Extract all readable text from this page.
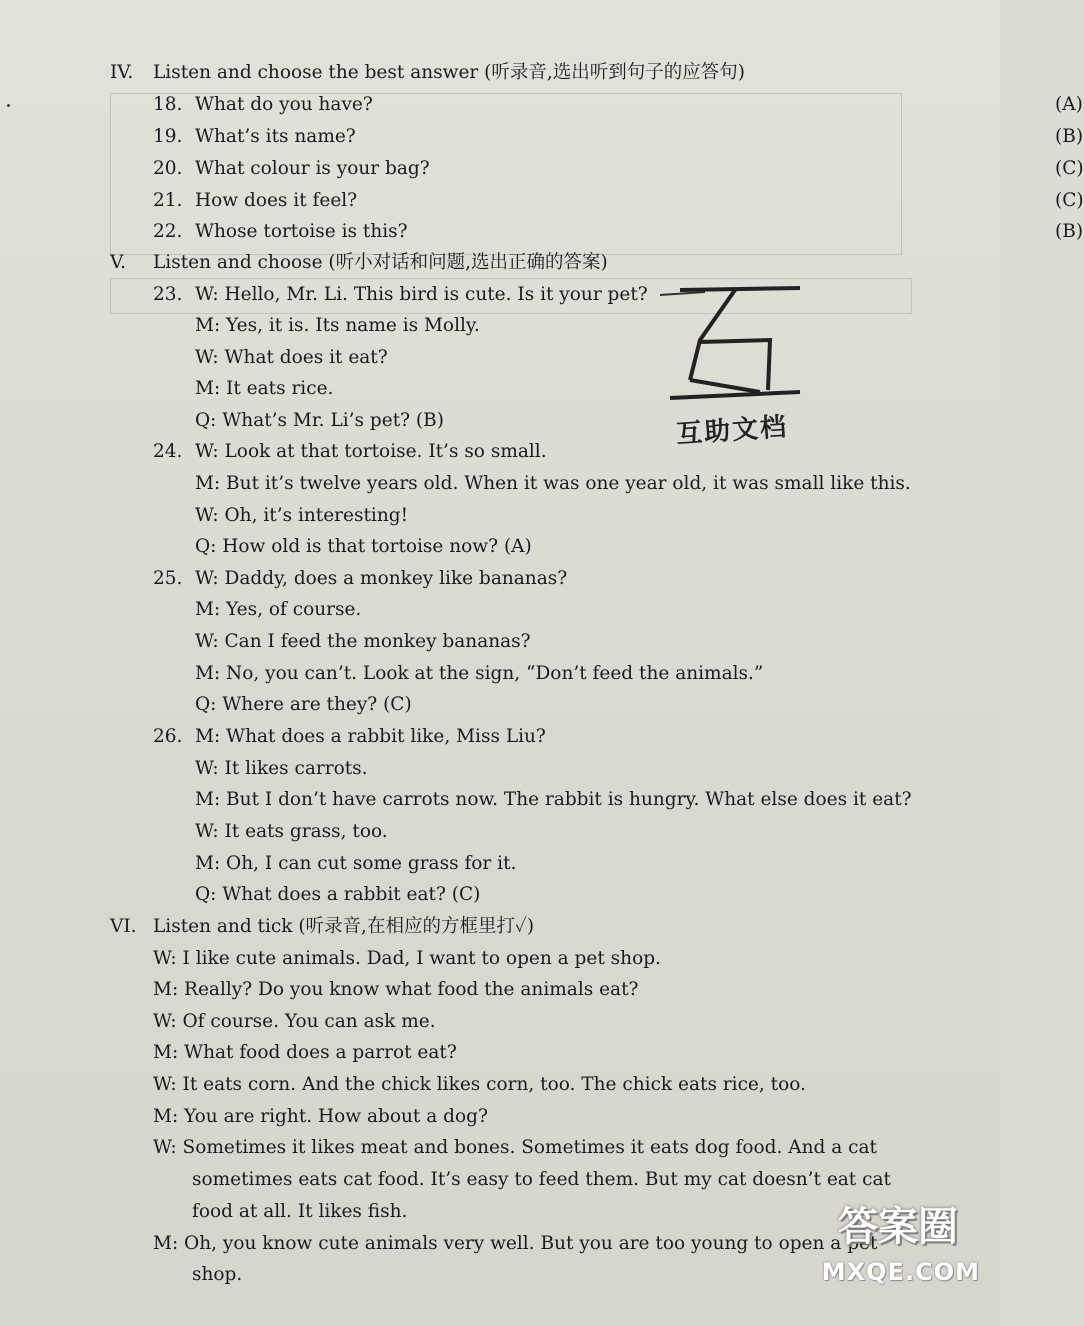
IV. Listen and choose the best answer (听录音,选出听到句子的应答句)
18. What do you have?	(A)
19. What’s its name?	(B)
20. What colour is your bag?	(C)
21. How does it feel?	(C)
22. Whose tortoise is this?	(B)
V. Listen and choose (听小对话和问题,选出正确的答案)
23. W: Hello, Mr. Li. This bird is cute. Is it your pet?
M: Yes, it is. Its name is Molly.
W: What does it eat?
M: It eats rice.
Q: What’s Mr. Li’s pet? (B)
24. W: Look at that tortoise. It’s so small.
M: But it’s twelve years old. When it was one year old, it was small like this.
W: Oh, it’s interesting!
Q: How old is that tortoise now? (A)
25. W: Daddy, does a monkey like bananas?
M: Yes, of course.
W: Can I feed the monkey bananas?
M: No, you can’t. Look at the sign, “Don’t feed the animals.”
Q: Where are they? (C)
26. M: What does a rabbit like, Miss Liu?
W: It likes carrots.
M: But I don’t have carrots now. The rabbit is hungry. What else does it eat?
W: It eats grass, too.
M: Oh, I can cut some grass for it.
Q: What does a rabbit eat? (C)
VI. Listen and tick (听录音,在相应的方框里打✓)
W: I like cute animals. Dad, I want to open a pet shop.
M: Really? Do you know what food the animals eat?
W: Of course. You can ask me.
M: What food does a parrot eat?
W: It eats corn. And the chick likes corn, too. The chick eats rice, too.
M: You are right. How about a dog?
W: Sometimes it likes meat and bones. Sometimes it eats dog food. And a cat
sometimes eats cat food. It’s easy to feed them. But my cat doesn’t eat cat
food at all. It likes fish.
M: Oh, you know cute animals very well. But you are too young to open a pet
shop.
互助文档
答案圈
MXQE.COM
